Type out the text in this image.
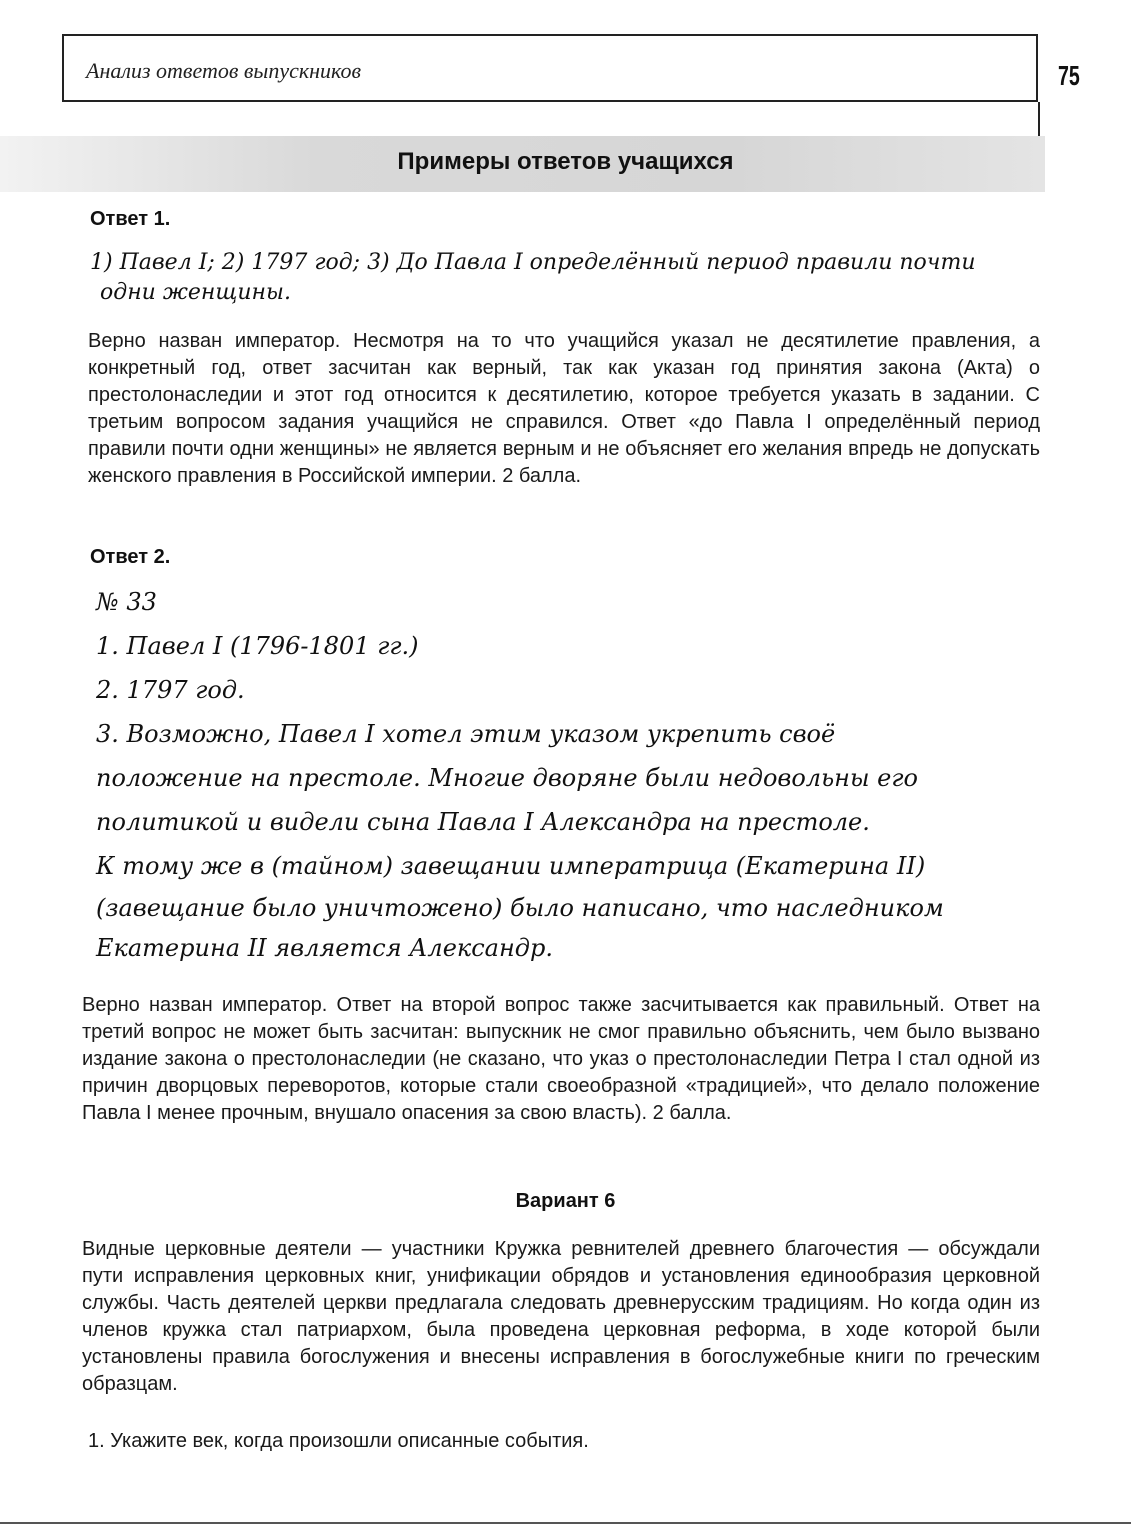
Анализ ответов выпускников	75
Примеры ответов учащихся
Ответ 1.
1) Павел I; 2) 1797 год; 3) До Павла I определённый период правили почти
одни женщины.
Верно назван император. Несмотря на то что учащийся указал не десятилетие правления, а конкретный год, ответ засчитан как верный, так как указан год принятия закона (Акта) о престолонаследии и этот год относится к десятилетию, которое требуется указать в задании. С третьим вопросом задания учащийся не справился. Ответ «до Павла I определённый период правили почти одни женщины» не является верным и не объясняет его желания впредь не допускать женского правления в Российской империи. 2 балла.
Ответ 2.
№ 33
1. Павел I (1796-1801 гг.)
2. 1797 год.
3. Возможно, Павел I хотел этим указом укрепить своё
положение на престоле. Многие дворяне были недовольны его
политикой и видели сына Павла I Александра на престоле.
К тому же в (тайном) завещании императрица (Екатерина II)
(завещание было уничтожено) было написано, что наследником
Екатерина II является Александр.
Верно назван император. Ответ на второй вопрос также засчитывается как правильный. Ответ на третий вопрос не может быть засчитан: выпускник не смог правильно объяснить, чем было вызвано издание закона о престолонаследии (не сказано, что указ о престолонаследии Петра I стал одной из причин дворцовых переворотов, которые стали своеобразной «традицией», что делало положение Павла I менее прочным, внушало опасения за свою власть). 2 балла.
Вариант 6
Видные церковные деятели — участники Кружка ревнителей древнего благочестия — обсуждали пути исправления церковных книг, унификации обрядов и установления единообразия церковной службы. Часть деятелей церкви предлагала следовать древнерусским традициям. Но когда один из членов кружка стал патриархом, была проведена церковная реформа, в ходе которой были установлены правила богослужения и внесены исправления в богослужебные книги по греческим образцам.
1. Укажите век, когда произошли описанные события.
